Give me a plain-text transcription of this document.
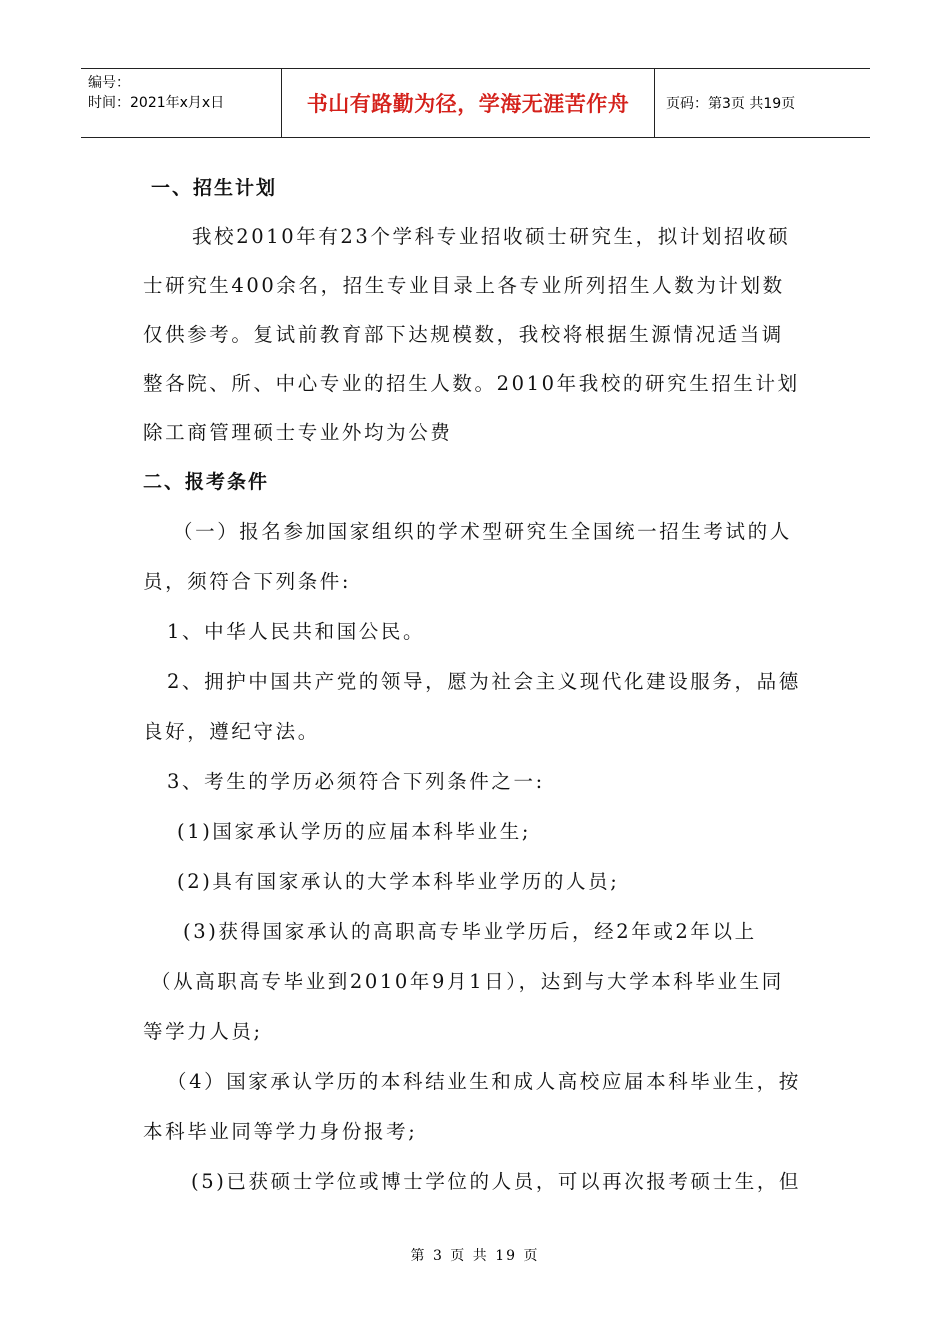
编号：
时间：2021年x月x日	书山有路勤为径，学海无涯苦作舟	页码：第3页 共19页
一、招生计划
我校2010年有23个学科专业招收硕士研究生，拟计划招收硕
士研究生400余名，招生专业目录上各专业所列招生人数为计划数
仅供参考。复试前教育部下达规模数，我校将根据生源情况适当调
整各院、所、中心专业的招生人数。2010年我校的研究生招生计划
除工商管理硕士专业外均为公费
二、报考条件
（一）报名参加国家组织的学术型研究生全国统一招生考试的人
员，须符合下列条件:
1、中华人民共和国公民。
2、拥护中国共产党的领导，愿为社会主义现代化建设服务，品德
良好，遵纪守法。
3、考生的学历必须符合下列条件之一:
(1)国家承认学历的应届本科毕业生;
(2)具有国家承认的大学本科毕业学历的人员;
(3)获得国家承认的高职高专毕业学历后，经2年或2年以上
（从高职高专毕业到2010年9月1日），达到与大学本科毕业生同
等学力人员;
（4）国家承认学历的本科结业生和成人高校应届本科毕业生，按
本科毕业同等学力身份报考;
(5)已获硕士学位或博士学位的人员，可以再次报考硕士生，但
第 3 页 共 19 页
